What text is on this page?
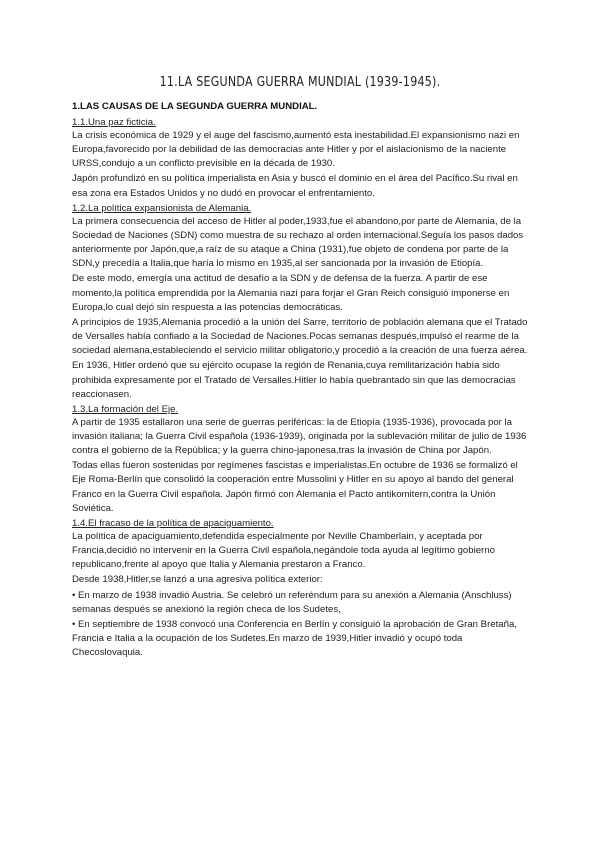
11.LA SEGUNDA GUERRA MUNDIAL (1939-1945).
1.LAS CAUSAS DE LA SEGUNDA GUERRA MUNDIAL.
1.1.Una paz ficticia.

La crisis económica de 1929 y el auge del fascismo,aumentó esta inestabilidad.El expansionismo nazi en Europa,favorecido por la debilidad de las democracias ante Hitler y por el aislacionismo de la naciente URSS,condujo a un conflicto previsible en la década de 1930.

Japón profundizó en su política imperialista en Asia y buscó el dominio en el área del Pacífico.Su rival en esa zona era Estados Unidos y no dudó en provocar el enfrentamiento.

1.2.La política expansionista de Alemania.

La primera consecuencia del acceso de Hitler al poder,1933,fue el abandono,por parte de Alemania, de la Sociedad de Naciones (SDN) como muestra de su rechazo al orden internacional.Seguía los pasos dados anteriormente por Japón,que,a raíz de su ataque a China (1931),fue objeto de condena por parte de la SDN,y precedía a Italia,que haría lo mismo en 1935,al ser sancionada por la invasión de Etiopía.

De este modo, emergía una actitud de desafío a la SDN y de defensa de la fuerza. A partir de ese momento,la política emprendida por la Alemania nazi para forjar el Gran Reich consiguió imponerse en Europa,lo cual dejó sin respuesta a las potencias democráticas.

A principios de 1935,Alemania procedió a la unión del Sarre, territorio de población alemana que el Tratado de Versalles había confiado a la Sociedad de Naciones.Pocas semanas después,impulsó el rearme de la sociedad alemana,estableciendo el servicio militar obligatorio,y procedió a la creación de una fuerza aérea.

En 1936, Hitler ordenó que su ejército ocupase la región de Renania,cuya remilitarización había sido prohibida expresamente por el Tratado de Versalles.Hitler lo había quebrantado sin que las democracias reaccionasen.

1.3.La formación del Eje.

A partir de 1935 estallaron una serie de guerras periféricas: la de Etiopía (1935-1936), provocada por la invasión italiana; la Guerra Civil española (1936-1939), originada por la sublevación militar de julio de 1936 contra el gobierno de la República; y la guerra chino-japonesa,tras la invasión de China por Japón.

Todas ellas fueron sostenidas por regímenes fascistas e imperialistas.En octubre de 1936 se formalizó el Eje Roma-Berlín que consolidó la cooperación entre Mussolini y Hitler en su apoyo al bando del general Franco en la Guerra Civil española. Japón firmó con Alemania el Pacto antikomitern,contra la Unión Soviética.

1.4.El fracaso de la política de apaciguamiento.

La política de apaciguamiento,defendida especialmente por Neville Chamberlain, y aceptada por Francia,decidió no intervenir en la Guerra Civil española,negándole toda ayuda al legítimo gobierno republicano,frente al apoyo que Italia y Alemania prestaron a Franco.

Desde 1938,Hitler,se lanzó a una agresiva política exterior:

• En marzo de 1938 invadió Austria. Se celebró un referéndum para su anexión a Alemania (Anschluss) semanas después se anexionó la región checa de los Sudetes,

• En septiembre de 1938 convocó una Conferencia en Berlín y consiguió la aprobación de Gran Bretaña, Francia e Italia a la ocupación de los Sudetes.En marzo de 1939,Hitler invadió y ocupó toda Checoslovaquia.
